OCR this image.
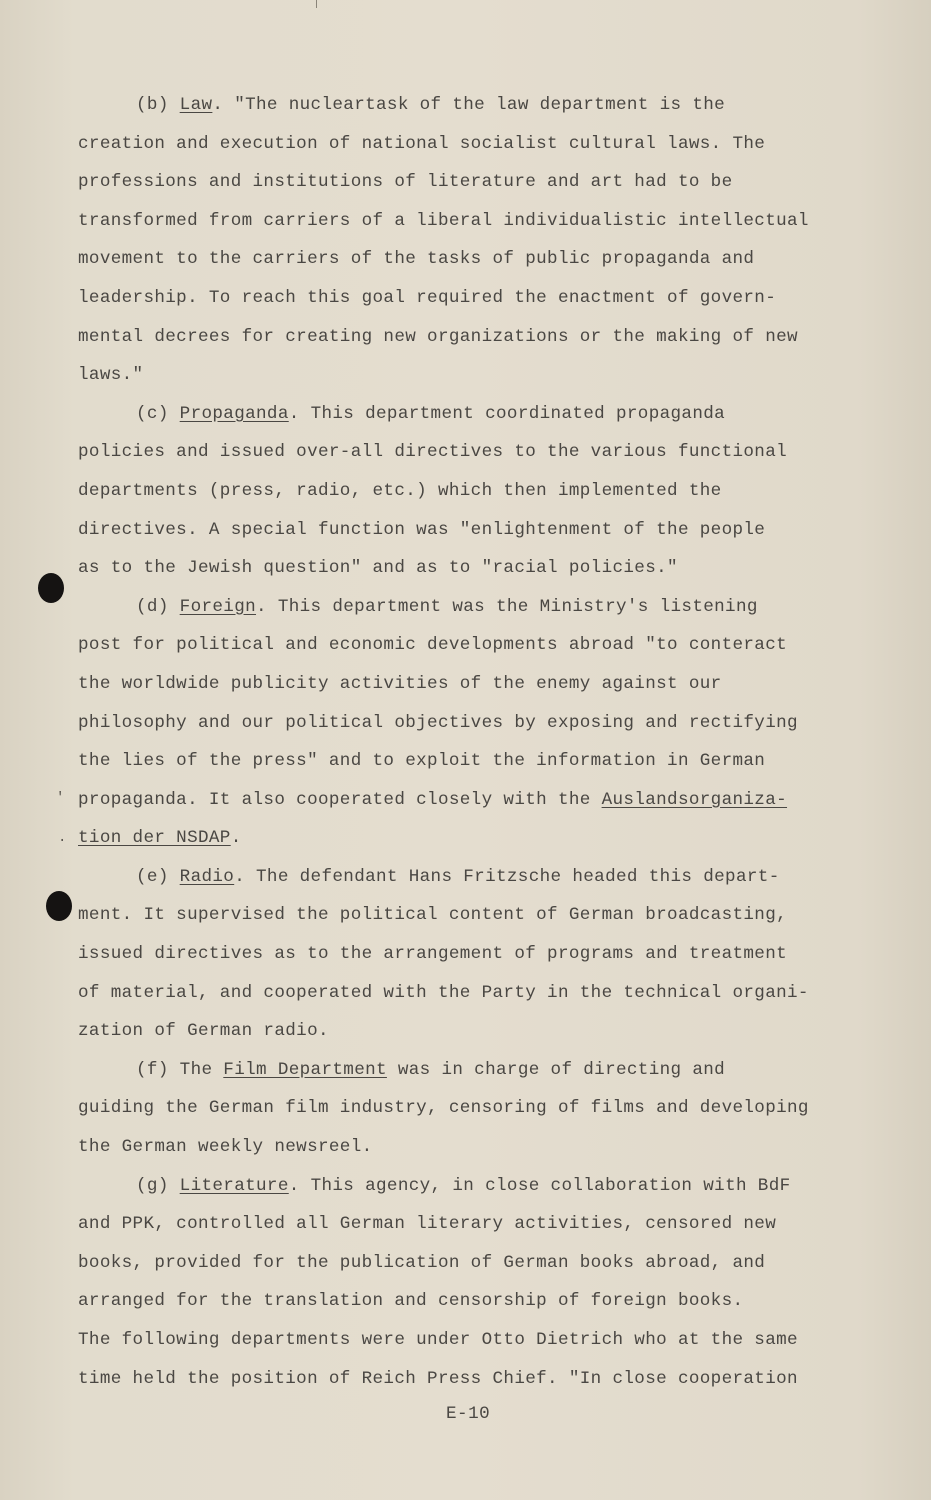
'
.
(b) Law. "The nucleartask of the law department is the
creation and execution of national socialist cultural laws. The
professions and institutions of literature and art had to be
transformed from carriers of a liberal individualistic intellectual
movement to the carriers of the tasks of public propaganda and
leadership. To reach this goal required the enactment of govern-
mental decrees for creating new organizations or the making of new
laws."
(c) Propaganda. This department coordinated propaganda
policies and issued over-all directives to the various functional
departments (press, radio, etc.) which then implemented the
directives. A special function was "enlightenment of the people
as to the Jewish question" and as to "racial policies."
(d) Foreign. This department was the Ministry's listening
post for political and economic developments abroad "to conteract
the worldwide publicity activities of the enemy against our
philosophy and our political objectives by exposing and rectifying
the lies of the press" and to exploit the information in German
propaganda. It also cooperated closely with the Auslandsorganiza-
tion der NSDAP.
(e) Radio. The defendant Hans Fritzsche headed this depart-
ment. It supervised the political content of German broadcasting,
issued directives as to the arrangement of programs and treatment
of material, and cooperated with the Party in the technical organi-
zation of German radio.
(f) The Film Department was in charge of directing and
guiding the German film industry, censoring of films and developing
the German weekly newsreel.
(g) Literature. This agency, in close collaboration with BdF
and PPK, controlled all German literary activities, censored new
books, provided for the publication of German books abroad, and
arranged for the translation and censorship of foreign books.
The following departments were under Otto Dietrich who at the same
time held the position of Reich Press Chief. "In close cooperation
E-10
